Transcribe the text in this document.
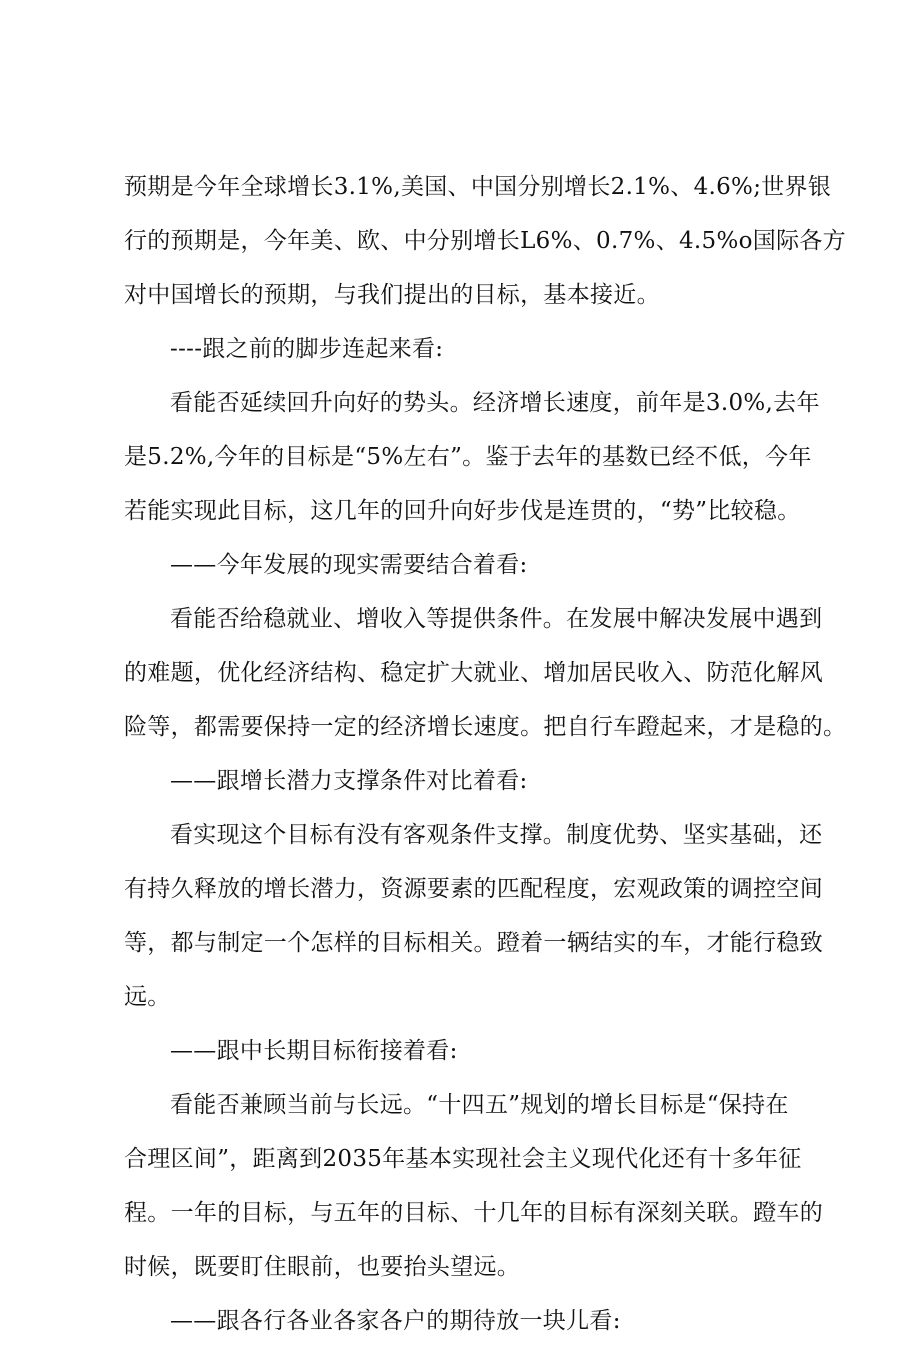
预期是今年全球增长3.1%,美国、中国分别增长2.1%、4.6%;世界银
行的预期是，今年美、欧、中分别增长L6%、0.7%、4.5%o国际各方
对中国增长的预期，与我们提出的目标，基本接近。
----跟之前的脚步连起来看:
看能否延续回升向好的势头。经济增长速度，前年是3.0%,去年
是5.2%,今年的目标是“5%左右”。鉴于去年的基数已经不低，今年
若能实现此目标，这几年的回升向好步伐是连贯的，“势”比较稳。
——今年发展的现实需要结合着看:
看能否给稳就业、增收入等提供条件。在发展中解决发展中遇到
的难题，优化经济结构、稳定扩大就业、增加居民收入、防范化解风
险等，都需要保持一定的经济增长速度。把自行车蹬起来，才是稳的。
——跟增长潜力支撑条件对比着看:
看实现这个目标有没有客观条件支撑。制度优势、坚实基础，还
有持久释放的增长潜力，资源要素的匹配程度，宏观政策的调控空间
等，都与制定一个怎样的目标相关。蹬着一辆结实的车，才能行稳致
远。
——跟中长期目标衔接着看:
看能否兼顾当前与长远。“十四五”规划的增长目标是“保持在
合理区间”，距离到2035年基本实现社会主义现代化还有十多年征
程。一年的目标，与五年的目标、十几年的目标有深刻关联。蹬车的
时候，既要盯住眼前，也要抬头望远。
——跟各行各业各家各户的期待放一块儿看:
